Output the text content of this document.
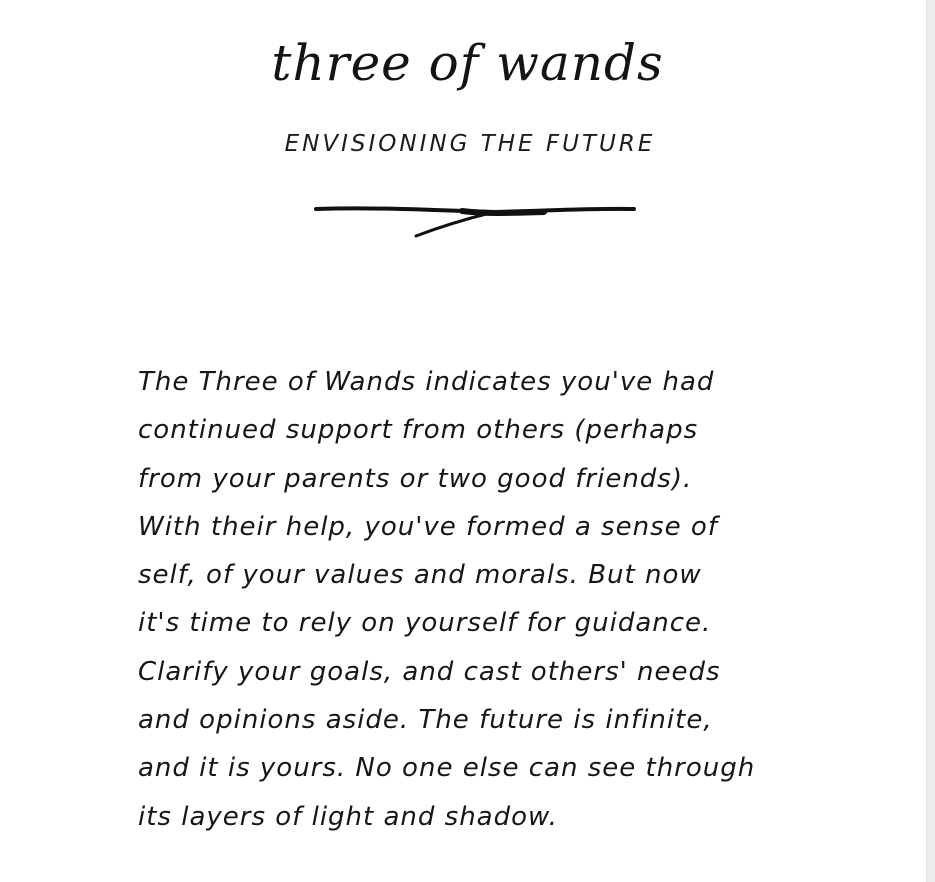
three of wands
ENVISIONING THE FUTURE
The Three of Wands indicates you've had
continued support from others (perhaps
from your parents or two good friends).
With their help, you've formed a sense of
self, of your values and morals. But now
it's time to rely on yourself for guidance.
Clarify your goals, and cast others' needs
and opinions aside. The future is infinite,
and it is yours. No one else can see through
its layers of light and shadow.
